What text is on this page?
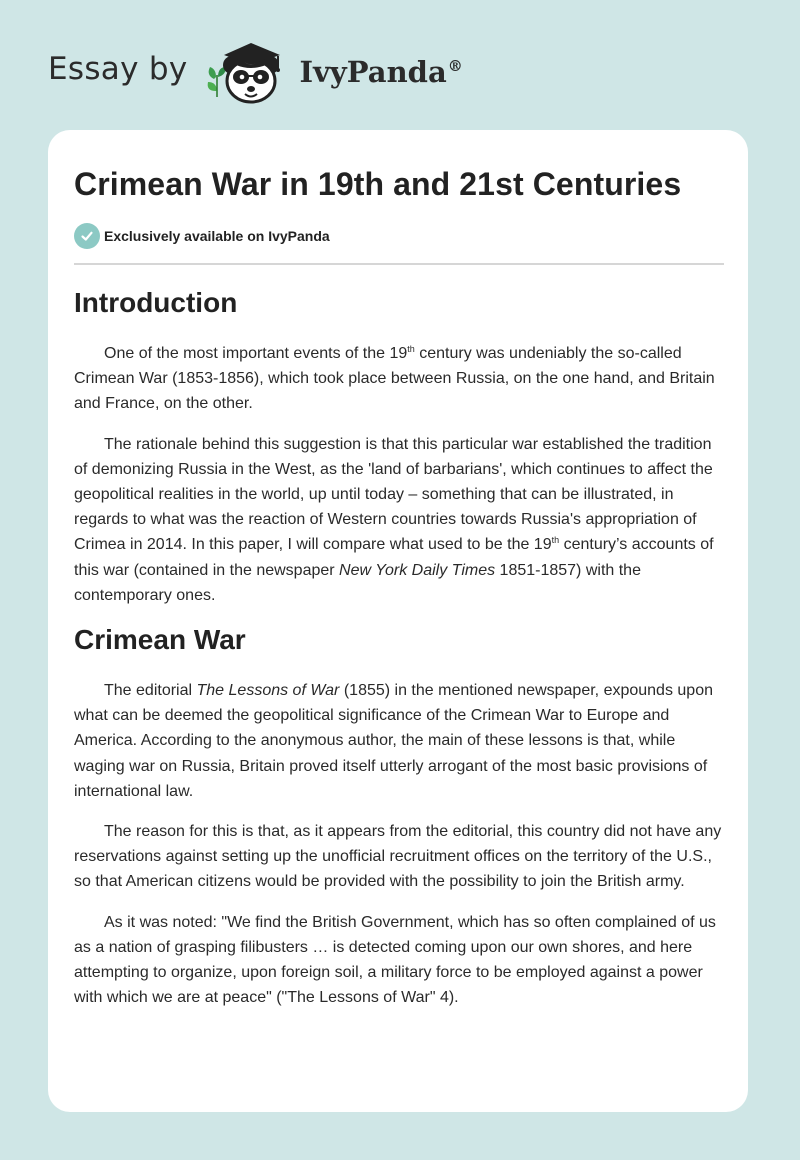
Essay by	IvyPanda®
Crimean War in 19th and 21st Centuries
Exclusively available on IvyPanda
Introduction

One of the most important events of the 19th century was undeniably the so-called Crimean War (1853-1856), which took place between Russia, on the one hand, and Britain and France, on the other.

The rationale behind this suggestion is that this particular war established the tradition of demonizing Russia in the West, as the 'land of barbarians', which continues to affect the geopolitical realities in the world, up until today – something that can be illustrated, in regards to what was the reaction of Western countries towards Russia's appropriation of Crimea in 2014. In this paper, I will compare what used to be the 19th century’s accounts of this war (contained in the newspaper New York Daily Times 1851-1857) with the contemporary ones.

Crimean War

The editorial The Lessons of War (1855) in the mentioned newspaper, expounds upon what can be deemed the geopolitical significance of the Crimean War to Europe and America. According to the anonymous author, the main of these lessons is that, while waging war on Russia, Britain proved itself utterly arrogant of the most basic provisions of international law.

The reason for this is that, as it appears from the editorial, this country did not have any reservations against setting up the unofficial recruitment offices on the territory of the U.S., so that American citizens would be provided with the possibility to join the British army.

As it was noted: "We find the British Government, which has so often complained of us as a nation of grasping filibusters … is detected coming upon our own shores, and here attempting to organize, upon foreign soil, a military force to be employed against a power with which we are at peace" ("The Lessons of War" 4).
